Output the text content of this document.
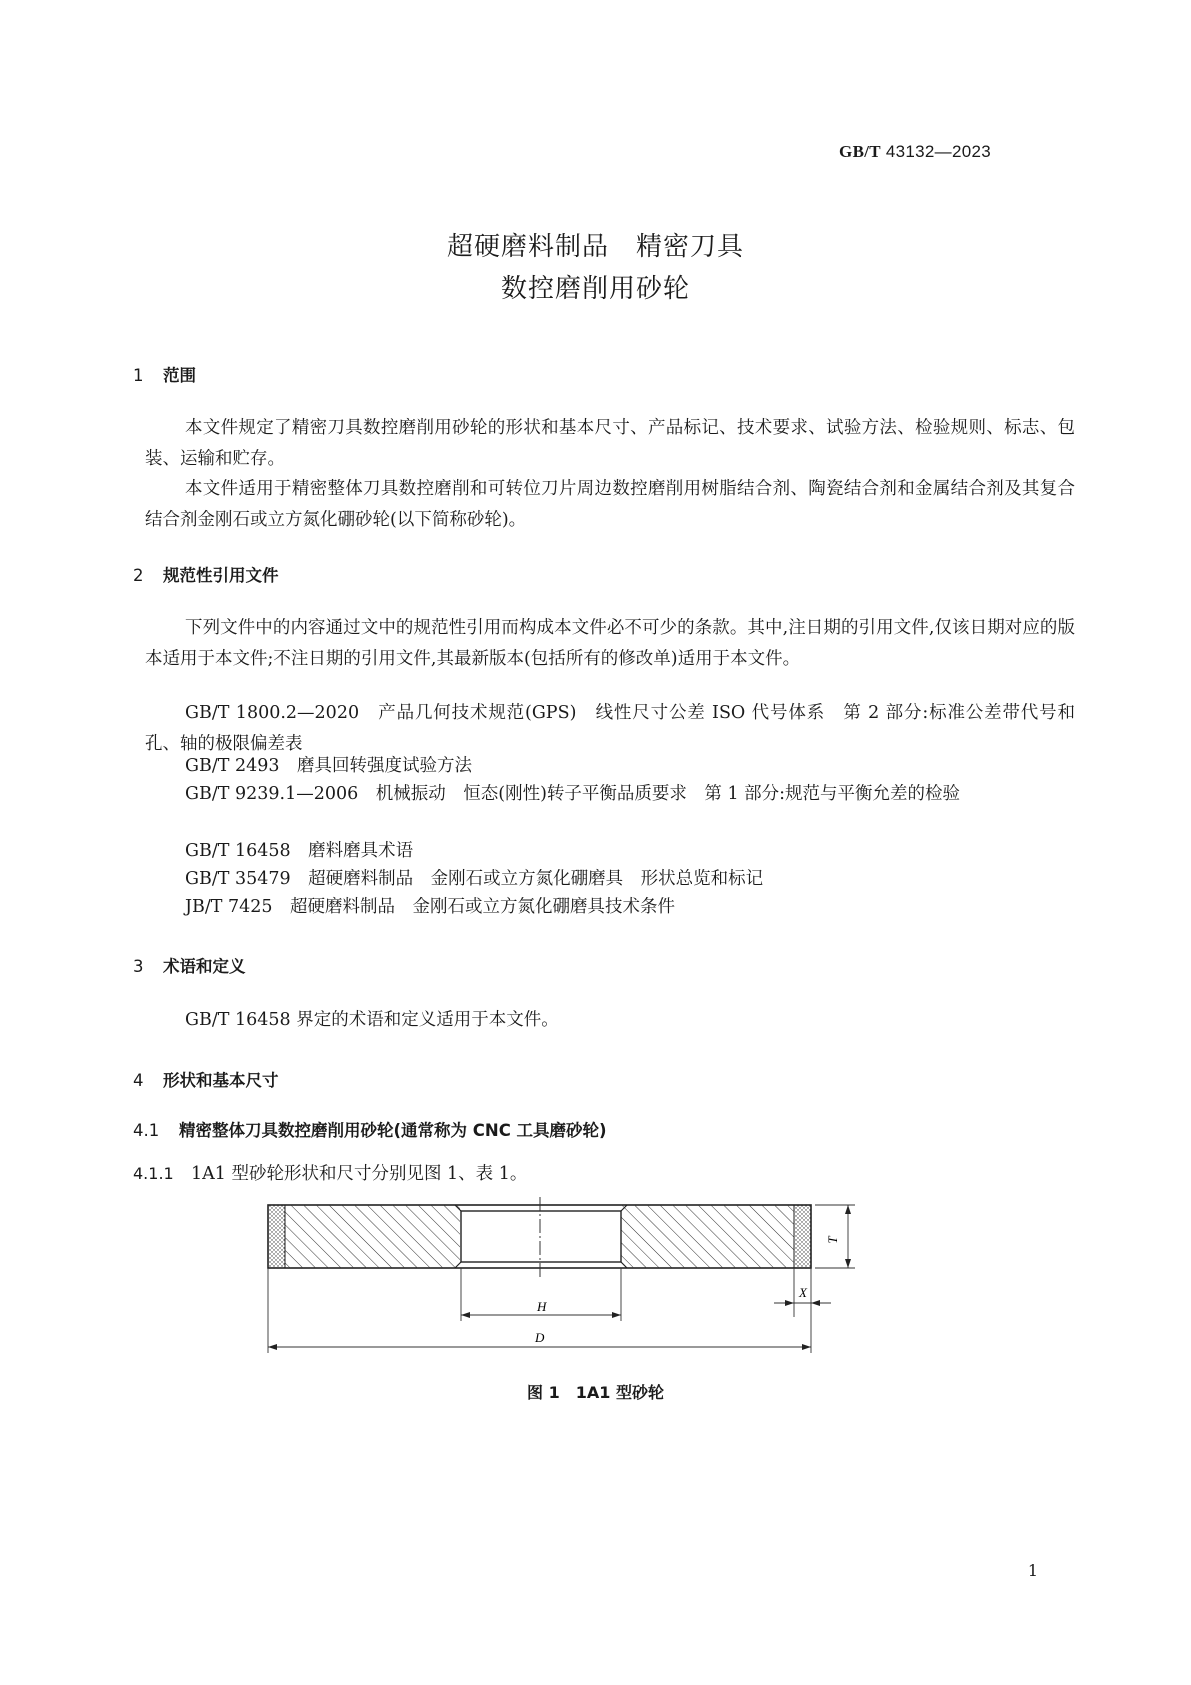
GB/T 43132—2023
超硬磨料制品　精密刀具
数控磨削用砂轮
1 范围
本文件规定了精密刀具数控磨削用砂轮的形状和基本尺寸、产品标记、技术要求、试验方法、检验规则、标志、包装、运输和贮存。
本文件适用于精密整体刀具数控磨削和可转位刀片周边数控磨削用树脂结合剂、陶瓷结合剂和金属结合剂及其复合结合剂金刚石或立方氮化硼砂轮(以下简称砂轮)。
2 规范性引用文件
下列文件中的内容通过文中的规范性引用而构成本文件必不可少的条款。其中,注日期的引用文件,仅该日期对应的版本适用于本文件;不注日期的引用文件,其最新版本(包括所有的修改单)适用于本文件。
GB/T 1800.2—2020　产品几何技术规范(GPS)　线性尺寸公差 ISO 代号体系　第 2 部分:标准公差带代号和孔、轴的极限偏差表
GB/T 2493　磨具回转强度试验方法
GB/T 9239.1—2006　机械振动　恒态(刚性)转子平衡品质要求　第 1 部分:规范与平衡允差的检验
GB/T 16458　磨料磨具术语
GB/T 35479　超硬磨料制品　金刚石或立方氮化硼磨具　形状总览和标记
JB/T 7425　超硬磨料制品　金刚石或立方氮化硼磨具技术条件
3 术语和定义
GB/T 16458 界定的术语和定义适用于本文件。
4 形状和基本尺寸
4.1 精密整体刀具数控磨削用砂轮(通常称为 CNC 工具磨砂轮)
4.1.1 1A1 型砂轮形状和尺寸分别见图 1、表 1。
T
X
H
D
图 1　1A1 型砂轮
1
